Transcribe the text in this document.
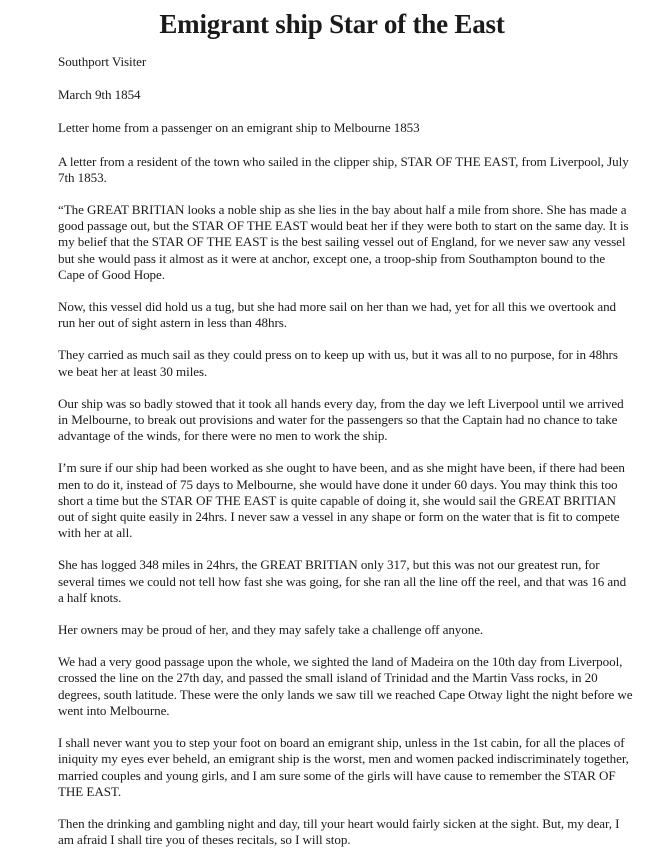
Emigrant ship Star of the East

Southport Visiter

March 9th 1854

Letter home from a passenger on an emigrant ship to Melbourne 1853

A letter from a resident of the town who sailed in the clipper ship, STAR OF THE EAST, from Liverpool, July 7th 1853.

“The GREAT BRITIAN looks a noble ship as she lies in the bay about half a mile from shore. She has made a good passage out, but the STAR OF THE EAST would beat her if they were both to start on the same day. It is my belief that the STAR OF THE EAST is the best sailing vessel out of England, for we never saw any vessel but she would pass it almost as it were at anchor, except one, a troop-ship from Southampton bound to the Cape of Good Hope.

Now, this vessel did hold us a tug, but she had more sail on her than we had, yet for all this we overtook and run her out of sight astern in less than 48hrs.

They carried as much sail as they could press on to keep up with us, but it was all to no purpose, for in 48hrs we beat her at least 30 miles.

Our ship was so badly stowed that it took all hands every day, from the day we left Liverpool until we arrived in Melbourne, to break out provisions and water for the passengers so that the Captain had no chance to take advantage of the winds, for there were no men to work the ship.

I’m sure if our ship had been worked as she ought to have been, and as she might have been, if there had been men to do it, instead of 75 days to Melbourne, she would have done it under 60 days. You may think this too short a time but the STAR OF THE EAST is quite capable of doing it, she would sail the GREAT BRITIAN out of sight quite easily in 24hrs. I never saw a vessel in any shape or form on the water that is fit to compete with her at all.

She has logged 348 miles in 24hrs, the GREAT BRITIAN only 317, but this was not our greatest run, for several times we could not tell how fast she was going, for she ran all the line off the reel, and that was 16 and a half knots.

Her owners may be proud of her, and they may safely take a challenge off anyone.

We had a very good passage upon the whole, we sighted the land of Madeira on the 10th day from Liverpool, crossed the line on the 27th day, and passed the small island of Trinidad and the Martin Vass rocks, in 20 degrees, south latitude. These were the only lands we saw till we reached Cape Otway light the night before we went into Melbourne.

I shall never want you to step your foot on board an emigrant ship, unless in the 1st cabin, for all the places of iniquity my eyes ever beheld, an emigrant ship is the worst, men and women packed indiscriminately together, married couples and young girls, and I am sure some of the girls will have cause to remember the STAR OF THE EAST.

Then the drinking and gambling night and day, till your heart would fairly sicken at the sight. But, my dear, I am afraid I shall tire you of theses recitals, so I will stop.
